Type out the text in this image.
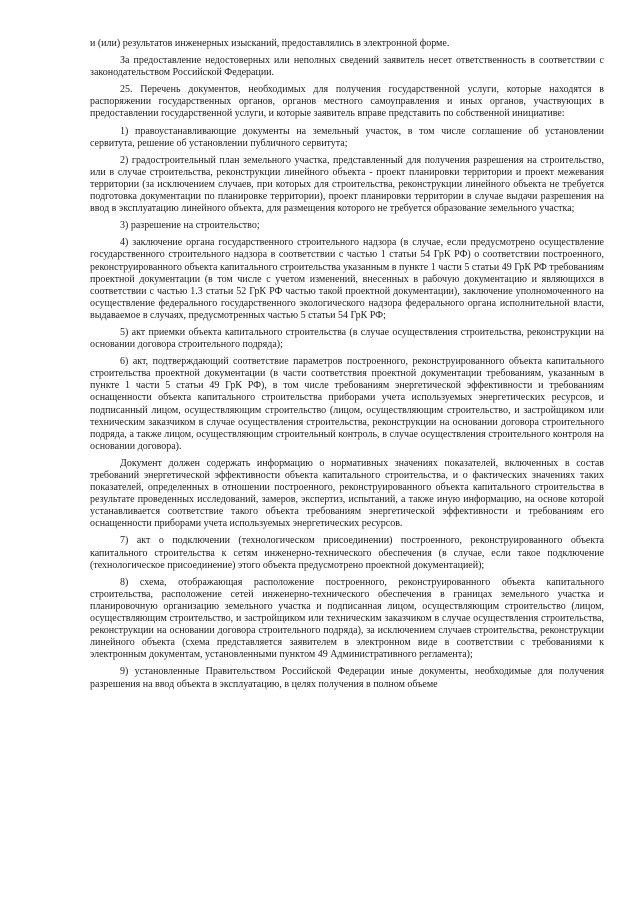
и (или) результатов инженерных изысканий, предоставлялись в электронной форме.

За предоставление недостоверных или неполных сведений заявитель несет ответственность в соответствии с законодательством Российской Федерации.

25. Перечень документов, необходимых для получения государственной услуги, которые находятся в распоряжении государственных органов, органов местного самоуправления и иных органов, участвующих в предоставлении государственной услуги, и которые заявитель вправе представить по собственной инициативе:

1) правоустанавливающие документы на земельный участок, в том числе соглашение об установлении сервитута, решение об установлении публичного сервитута;

2) градостроительный план земельного участка, представленный для получения разрешения на строительство, или в случае строительства, реконструкции линейного объекта - проект планировки территории и проект межевания территории (за исключением случаев, при которых для строительства, реконструкции линейного объекта не требуется подготовка документации по планировке территории), проект планировки территории в случае выдачи разрешения на ввод в эксплуатацию линейного объекта, для размещения которого не требуется образование земельного участка;

3) разрешение на строительство;

4) заключение органа государственного строительного надзора (в случае, если предусмотрено осуществление государственного строительного надзора в соответствии с частью 1 статьи 54 ГрК РФ) о соответствии построенного, реконструированного объекта капитального строительства указанным в пункте 1 части 5 статьи 49 ГрК РФ требованиям проектной документации (в том числе с учетом изменений, внесенных в рабочую документацию и являющихся в соответствии с частью 1.3 статьи 52 ГрК РФ частью такой проектной документации), заключение уполномоченного на осуществление федерального государственного экологического надзора федерального органа исполнительной власти, выдаваемое в случаях, предусмотренных частью 5 статьи 54 ГрК РФ;

5) акт приемки объекта капитального строительства (в случае осуществления строительства, реконструкции на основании договора строительного подряда);

6) акт, подтверждающий соответствие параметров построенного, реконструированного объекта капитального строительства проектной документации (в части соответствия проектной документации требованиям, указанным в пункте 1 части 5 статьи 49 ГрК РФ), в том числе требованиям энергетической эффективности и требованиям оснащенности объекта капитального строительства приборами учета используемых энергетических ресурсов, и подписанный лицом, осуществляющим строительство (лицом, осуществляющим строительство, и застройщиком или техническим заказчиком в случае осуществления строительства, реконструкции на основании договора строительного подряда, а также лицом, осуществляющим строительный контроль, в случае осуществления строительного контроля на основании договора).

Документ должен содержать информацию о нормативных значениях показателей, включенных в состав требований энергетической эффективности объекта капитального строительства, и о фактических значениях таких показателей, определенных в отношении построенного, реконструированного объекта капитального строительства в результате проведенных исследований, замеров, экспертиз, испытаний, а также иную информацию, на основе которой устанавливается соответствие такого объекта требованиям энергетической эффективности и требованиям его оснащенности приборами учета используемых энергетических ресурсов.

7) акт о подключении (технологическом присоединении) построенного, реконструированного объекта капитального строительства к сетям инженерно-технического обеспечения (в случае, если такое подключение (технологическое присоединение) этого объекта предусмотрено проектной документацией);

8) схема, отображающая расположение построенного, реконструированного объекта капитального строительства, расположение сетей инженерно-технического обеспечения в границах земельного участка и планировочную организацию земельного участка и подписанная лицом, осуществляющим строительство (лицом, осуществляющим строительство, и застройщиком или техническим заказчиком в случае осуществления строительства, реконструкции на основании договора строительного подряда), за исключением случаев строительства, реконструкции линейного объекта (схема представляется заявителем в электронном виде в соответствии с требованиями к электронным документам, установленными пунктом 49 Административного регламента);

9) установленные Правительством Российской Федерации иные документы, необходимые для получения разрешения на ввод объекта в эксплуатацию, в целях получения в полном объеме
